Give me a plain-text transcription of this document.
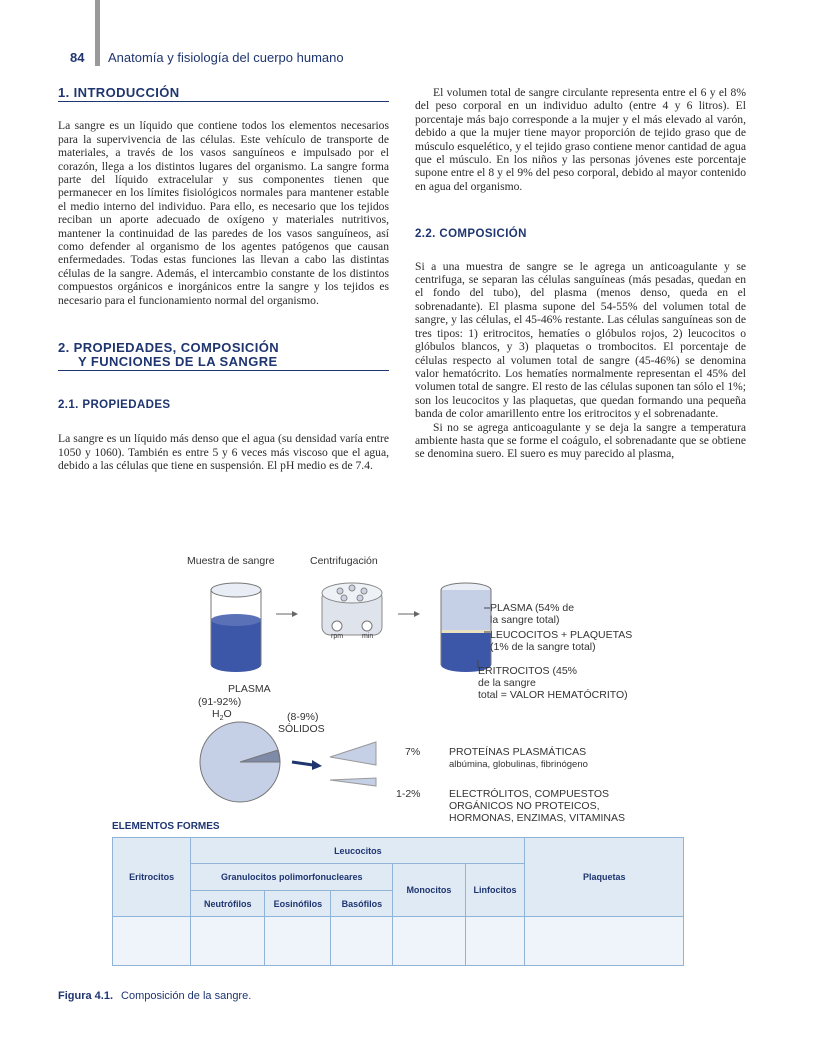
84 Anatomía y fisiología del cuerpo humano
1. INTRODUCCIÓN

La sangre es un líquido que contiene todos los elementos necesarios para la supervivencia de las células. Este vehículo de transporte de materiales, a través de los vasos sanguíneos e impulsado por el corazón, llega a los distintos lugares del organismo. La sangre forma parte del líquido extracelular y sus componentes tienen que permanecer en los límites fisiológicos normales para mantener estable el medio interno del individuo. Para ello, es necesario que los tejidos reciban un aporte adecuado de oxígeno y materiales nutritivos, mantener la continuidad de las paredes de los vasos sanguíneos, así como defender al organismo de los agentes patógenos que causan enfermedades. Todas estas funciones las llevan a cabo las distintas células de la sangre. Además, el intercambio constante de los distintos compuestos orgánicos e inorgánicos entre la sangre y los tejidos es necesario para el funcionamiento normal del organismo.

2. PROPIEDADES, COMPOSICIÓN
Y FUNCIONES DE LA SANGRE
2.1. PROPIEDADES

La sangre es un líquido más denso que el agua (su densidad varía entre 1050 y 1060). También es entre 5 y 6 veces más viscoso que el agua, debido a las células que tiene en suspensión. El pH medio es de 7.4.

El volumen total de sangre circulante representa entre el 6 y el 8% del peso corporal en un individuo adulto (entre 4 y 6 litros). El porcentaje más bajo corresponde a la mujer y el más elevado al varón, debido a que la mujer tiene mayor proporción de tejido graso que de músculo esquelético, y el tejido graso contiene menor cantidad de agua que el músculo. En los niños y las personas jóvenes este porcentaje supone entre el 8 y el 9% del peso corporal, debido al mayor contenido en agua del organismo.

2.2. COMPOSICIÓN

Si a una muestra de sangre se le agrega un anticoagulante y se centrifuga, se separan las células sanguíneas (más pesadas, quedan en el fondo del tubo), del plasma (menos denso, queda en el sobrenadante). El plasma supone del 54-55% del volumen total de sangre, y las células, el 45-46% restante. Las células sanguíneas son de tres tipos: 1) eritrocitos, hematíes o glóbulos rojos, 2) leucocitos o glóbulos blancos, y 3) plaquetas o trombocitos. El porcentaje de células respecto al volumen total de sangre (45-46%) se denomina valor hematócrito. Los hematíes normalmente representan el 45% del volumen total de sangre. El resto de las células suponen tan sólo el 1%; son los leucocitos y las plaquetas, que quedan formando una pequeña banda de color amarillento entre los eritrocitos y el sobrenadante.

Si no se agrega anticoagulante y se deja la sangre a temperatura ambiente hasta que se forme el coágulo, el sobrenadante que se obtiene se denomina suero. El suero es muy parecido al plasma,

Muestra de sangre	Centrifugación
rpm	min
PLASMA (54% de
la sangre total)
LEUCOCITOS + PLAQUETAS
(1% de la sangre total)
ERITROCITOS (45%
de la sangre
total = VALOR HEMATÓCRITO)
PLASMA
(91-92%)
$H_2O$	(8-9%)
SÓLIDOS
7%	PROTEÍNAS PLASMÁTICAS
albúmina, globulinas, fibrinógeno
1-2%	ELECTRÓLITOS, COMPUESTOS
ORGÁNICOS NO PROTEICOS,
HORMONAS, ENZIMAS, VITAMINAS
ELEMENTOS FORMES
Eritrocitos	Leucocitos					Plaquetas
	Granulocitos polimorfonucleares			Monocitos	Linfocitos	
	Neutrófilos	Eosinófilos	Basófilos			

Figura 4.1. Composición de la sangre.
